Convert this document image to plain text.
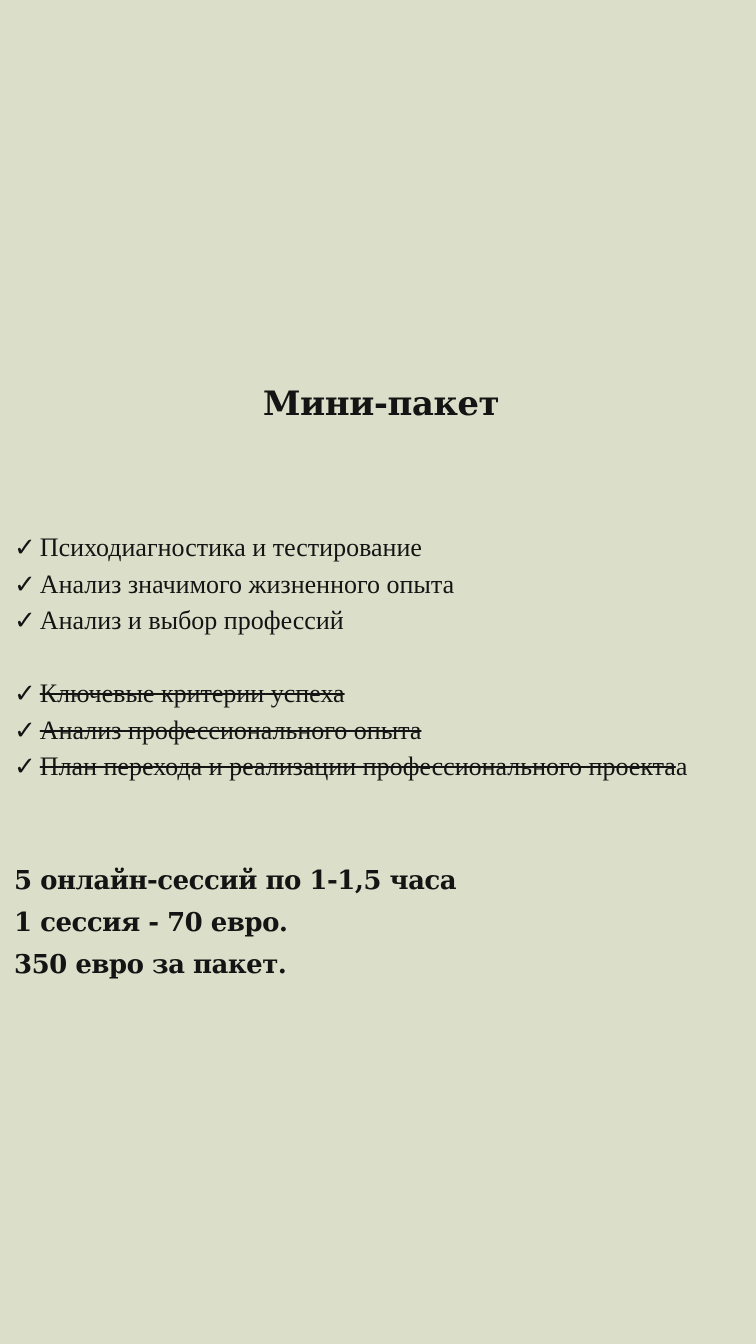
Мини-пакет
✓ Психодиагностика и тестирование
✓ Анализ значимого жизненного опыта
✓ Анализ и выбор профессий
✓ Ключевые критерии успеха
✓ Анализ профессионального опыта
✓ План перехода и реализации профессионального проектаа
5 онлайн-сессий по 1-1,5 часа
1 сессия - 70 евро.
350 евро за пакет.
